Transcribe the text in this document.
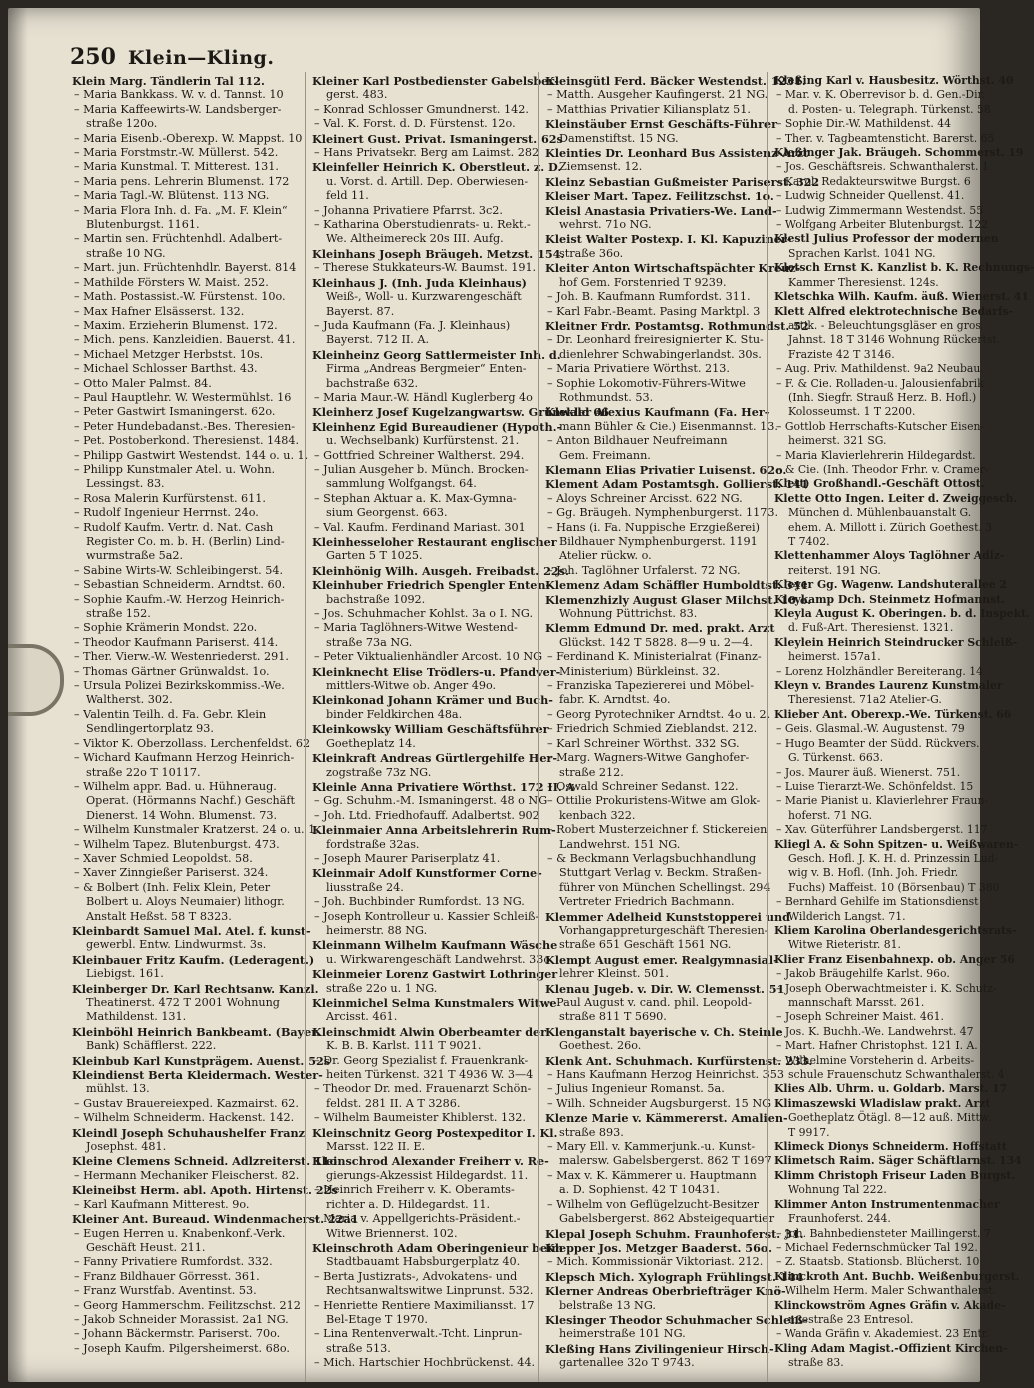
250 Klein—Kling.
Klein Marg. Tändlerin Tal 112.
– Maria Bankkass. W. v. d. Tannst. 10
– Maria Kaffeewirts-W. Landsberger-
straße 120o.
– Maria Eisenb.-Oberexp. W. Mappst. 10
– Maria Forstmstr.-W. Müllerst. 542.
– Maria Kunstmal. T. Mitterest. 131.
– Maria pens. Lehrerin Blumenst. 172
– Maria Tagl.-W. Blütenst. 113 NG.
– Maria Flora Inh. d. Fa. „M. F. Klein“
Blutenburgst. 1161.
– Martin sen. Früchtenhdl. Adalbert-
straße 10 NG.
– Mart. jun. Früchtenhdlr. Bayerst. 814
– Mathilde Försters W. Maist. 252.
– Math. Postassist.-W. Fürstenst. 10o.
– Max Hafner Elsässerst. 132.
– Maxim. Erzieherin Blumenst. 172.
– Mich. pens. Kanzleidien. Bauerst. 41.
– Michael Metzger Herbstst. 10s.
– Michael Schlosser Barthst. 43.
– Otto Maler Palmst. 84.
– Paul Hauptlehr. W. Westermühlst. 16
– Peter Gastwirt Ismaningerst. 62o.
– Peter Hundebadanst.-Bes. Theresien-
– Pet. Postoberkond. Theresienst. 1484.
– Philipp Gastwirt Westendst. 144 o. u. 1.
– Philipp Kunstmaler Atel. u. Wohn.
Lessingst. 83.
– Rosa Malerin Kurfürstenst. 611.
– Rudolf Ingenieur Herrnst. 24o.
– Rudolf Kaufm. Vertr. d. Nat. Cash
Register Co. m. b. H. (Berlin) Lind-
wurmstraße 5a2.
– Sabine Wirts-W. Schleibingerst. 54.
– Sebastian Schneiderm. Arndtst. 60.
– Sophie Kaufm.-W. Herzog Heinrich-
straße 152.
– Sophie Krämerin Mondst. 22o.
– Theodor Kaufmann Pariserst. 414.
– Ther. Vierw.-W. Westenriederst. 291.
– Thomas Gärtner Grünwaldst. 1o.
– Ursula Polizei Bezirkskommiss.-We.
Waltherst. 302.
– Valentin Teilh. d. Fa. Gebr. Klein
Sendlingertorplatz 93.
– Viktor K. Oberzollass. Lerchenfeldst. 62
– Wichard Kaufmann Herzog Heinrich-
straße 22o T 10117.
– Wilhelm appr. Bad. u. Hühneraug.
Operat. (Hörmanns Nachf.) Geschäft
Dienerst. 14 Wohn. Blumenst. 73.
– Wilhelm Kunstmaler Kratzerst. 24 o. u. 1.
– Wilhelm Tapez. Blutenburgst. 473.
– Xaver Schmied Leopoldst. 58.
– Xaver Zinngießer Pariserst. 324.
– & Bolbert (Inh. Felix Klein, Peter
Bolbert u. Aloys Neumaier) lithogr.
Anstalt Heßst. 58 T 8323.
Kleinbardt Samuel Mal. Atel. f. kunst-
gewerbl. Entw. Lindwurmst. 3s.
Kleinbauer Fritz Kaufm. (Lederagent.)
Liebigst. 161.
Kleinberger Dr. Karl Rechtsanw. Kanzl.
Theatinerst. 472 T 2001 Wohnung
Mathildenst. 131.
Kleinböhl Heinrich Bankbeamt. (Bayer.
Bank) Schäfflerst. 222.
Kleinbub Karl Kunstprägem. Auenst. 52s
Kleindienst Berta Kleidermach. Wester-
mühlst. 13.
– Gustav Brauereiexped. Kazmairst. 62.
– Wilhelm Schneiderm. Hackenst. 142.
Kleindl Joseph Schuhaushelfer Franz
Josephst. 481.
Kleine Clemens Schneid. Adlzreiterst. 11o
– Hermann Mechaniker Fleischerst. 82.
Kleineibst Herm. abl. Apoth. Hirtenst. 22s
– Karl Kaufmann Mitterest. 9o.
Kleiner Ant. Bureaud. Windenmacherst. 22a1
– Eugen Herren u. Knabenkonf.-Verk.
Geschäft Heust. 211.
– Fanny Privatiere Rumfordst. 332.
– Franz Bildhauer Görresst. 361.
– Franz Wurstfab. Aventinst. 53.
– Georg Hammerschm. Feilitzschst. 212
– Jakob Schneider Morassist. 2a1 NG.
– Johann Bäckermstr. Pariserst. 70o.
– Joseph Kaufm. Pilgersheimerst. 68o.
Kleiner Karl Postbedienster Gabelsber-
gerst. 483.
– Konrad Schlosser Gmundnerst. 142.
– Val. K. Forst. d. D. Fürstenst. 12o.
Kleinert Gust. Privat. Ismaningerst. 62s
– Hans Privatsekr. Berg am Laimst. 282
Kleinfeller Heinrich K. Oberstleut. z. D.
u. Vorst. d. Artill. Dep. Oberwiesen-
feld 11.
– Johanna Privatiere Pfarrst. 3c2.
– Katharina Oberstudienrats- u. Rekt.-
We. Altheimereck 20s III. Aufg.
Kleinhans Joseph Bräugeh. Metzst. 154.
– Therese Stukkateurs-W. Baumst. 191.
Kleinhaus J. (Inh. Juda Kleinhaus)
Weiß-, Woll- u. Kurzwarengeschäft
Bayerst. 87.
– Juda Kaufmann (Fa. J. Kleinhaus)
Bayerst. 712 II. A.
Kleinheinz Georg Sattlermeister Inh. d.
Firma „Andreas Bergmeier“ Enten-
bachstraße 632.
– Maria Maur.-W. Händl Kuglerberg 4o
Kleinherz Josef Kugelzangwartsw. Grünwald 66
Kleinhenz Egid Bureaudiener (Hypoth.-
u. Wechselbank) Kurfürstenst. 21.
– Gottfried Schreiner Waltherst. 294.
– Julian Ausgeher b. Münch. Brocken-
sammlung Wolfgangst. 64.
– Stephan Aktuar a. K. Max-Gymna-
sium Georgenst. 663.
– Val. Kaufm. Ferdinand Mariast. 301
Kleinhesseloher Restaurant englischer
Garten 5 T 1025.
Kleinhönig Wilh. Ausgeh. Freibadst. 22s.
Kleinhuber Friedrich Spengler Enten-
bachstraße 1092.
– Jos. Schuhmacher Kohlst. 3a o I. NG.
– Maria Taglöhners-Witwe Westend-
straße 73a NG.
– Peter Viktualienhändler Arcost. 10 NG
Kleinknecht Elise Trödlers-u. Pfandver-
mittlers-Witwe ob. Anger 49o.
Kleinkonad Johann Krämer und Buch-
binder Feldkirchen 48a.
Kleinkowsky William Geschäftsführer
Goetheplatz 14.
Kleinkraft Andreas Gürtlergehilfe Her-
zogstraße 73z NG.
Kleinle Anna Privatiere Wörthst. 172 II. A
– Gg. Schuhm.-M. Ismaningerst. 48 o NG
– Joh. Ltd. Friedhofauff. Adalbertst. 902
Kleinmaier Anna Arbeitslehrerin Rum-
fordstraße 32as.
– Joseph Maurer Pariserplatz 41.
Kleinmair Adolf Kunstformer Corne-
liusstraße 24.
– Joh. Buchbinder Rumfordst. 13 NG.
– Joseph Kontrolleur u. Kassier Schleiß-
heimerstr. 88 NG.
Kleinmann Wilhelm Kaufmann Wäsche
u. Wirkwarengeschäft Landwehrst. 33o
Kleinmeier Lorenz Gastwirt Lothringer
straße 22o u. 1 NG.
Kleinmichel Selma Kunstmalers Witwe
Arcisst. 461.
Kleinschmidt Alwin Oberbeamter der
K. B. B. Karlst. 111 T 9021.
– Dr. Georg Spezialist f. Frauenkrank-
heiten Türkenst. 321 T 4936 W. 3—4
– Theodor Dr. med. Frauenarzt Schön-
feldst. 281 II. A T 3286.
– Wilhelm Baumeister Khiblerst. 132.
Kleinschnitz Georg Postexpeditor I. Kl.
Marsst. 122 II. E.
Kleinschrod Alexander Freiherr v. Re-
gierungs-Akzessist Hildegardst. 11.
– Heinrich Freiherr v. K. Oberamts-
richter a. D. Hildegardst. 11.
– Maria v. Appellgerichts-Präsident.-
Witwe Briennerst. 102.
Kleinschroth Adam Oberingenieur beim
Stadtbauamt Habsburgerplatz 40.
– Berta Justizrats-, Advokatens- und
Rechtsanwaltswitwe Linprunst. 532.
– Henriette Rentiere Maximiliansst. 17
Bel-Etage T 1970.
– Lina Rentenverwalt.-Tcht. Linprun-
straße 513.
– Mich. Hartschier Hochbrückenst. 44.
Kleinsgütl Ferd. Bäcker Westendst. 1231.
– Matth. Ausgeher Kaufingerst. 21 NG.
– Matthias Privatier Kiliansplatz 51.
Kleinstäuber Ernst Geschäfts-Führer
Damenstiftst. 15 NG.
Kleinties Dr. Leonhard Bus Assistenz-Arzt
Ziemsenst. 12.
Kleinz Sebastian Gußmeister Pariserst. 322
Kleiser Mart. Tapez. Feilitzschst. 1o.
Kleisl Anastasia Privatiers-We. Land-
wehrst. 71o NG.
Kleist Walter Postexp. I. Kl. Kapuziner-
straße 36o.
Kleiter Anton Wirtschaftspächter Kreuz-
hof Gem. Forstenried T 9239.
– Joh. B. Kaufmann Rumfordst. 311.
– Karl Fabr.-Beamt. Pasing Marktpl. 3
Kleitner Frdr. Postamtsg. Rothmundst. 52
– Dr. Leonhard freiresignierter K. Stu-
dienlehrer Schwabingerlandst. 30s.
– Maria Privatiere Wörthst. 213.
– Sophie Lokomotiv-Führers-Witwe
Rothmundst. 53.
Klekler Alexius Kaufmann (Fa. Her-
mann Bühler & Cie.) Eisenmannst. 13.
– Anton Bildhauer Neufreimann
Gem. Freimann.
Klemann Elias Privatier Luisenst. 62o.
Klement Adam Postamtsgh. Gollierst. 141
– Aloys Schreiner Arcisst. 622 NG.
– Gg. Bräugeh. Nymphenburgerst. 1173.
– Hans (i. Fa. Nuppische Erzgießerei)
Bildhauer Nymphenburgerst. 1191
Atelier rückw. o.
– Joh. Taglöhner Urfalerst. 72 NG.
Klemenz Adam Schäffler Humboldtst. 341
Klemenzhizly August Glaser Milchst. 10 o.
Wohnung Püttrichst. 83.
Klemm Edmund Dr. med. prakt. Arzt
Glückst. 142 T 5828. 8—9 u. 2—4.
– Ferdinand K. Ministerialrat (Finanz-
Ministerium) Bürkleinst. 32.
– Franziska Tapeziererei und Möbel-
fabr. K. Arndtst. 4o.
– Georg Pyrotechniker Arndtst. 4o u. 2.
– Friedrich Schmied Zieblandst. 212.
– Karl Schreiner Wörthst. 332 SG.
– Marg. Wagners-Witwe Ganghofer-
straße 212.
– Oswald Schreiner Sedanst. 122.
– Ottilie Prokuristens-Witwe am Glok-
kenbach 322.
– Robert Musterzeichner f. Stickereien
Landwehrst. 151 NG.
– & Beckmann Verlagsbuchhandlung
Stuttgart Verlag v. Beckm. Straßen-
führer von München Schellingst. 294
Vertreter Friedrich Bachmann.
Klemmer Adelheid Kunststopperei und
Vorhangappreturgeschäft Theresien-
straße 651 Geschäft 1561 NG.
Klempt August emer. Realgymnasial-
lehrer Kleinst. 501.
Klenau Jugeb. v. Dir. W. Clemensst. 51
– Paul August v. cand. phil. Leopold-
straße 811 T 5690.
Klenganstalt bayerische v. Ch. Steinle
Goethest. 26o.
Klenk Ant. Schuhmach. Kurfürstenst. 233.
– Hans Kaufmann Herzog Heinrichst. 353
– Julius Ingenieur Romanst. 5a.
– Wilh. Schneider Augsburgerst. 15 NG
Klenze Marie v. Kämmererst. Amalien-
straße 893.
– Mary Ell. v. Kammerjunk.-u. Kunst-
malersw. Gabelsbergerst. 862 T 1697
– Max v. K. Kämmerer u. Hauptmann
a. D. Sophienst. 42 T 10431.
– Wilhelm von Geflügelzucht-Besitzer
Gabelsbergerst. 862 Absteigequartier
Klepal Joseph Schuhm. Fraunhoferst. 31.
Klepper Jos. Metzger Baaderst. 56o.
– Mich. Kommissionär Viktoriast. 212.
Klepsch Mich. Xylograph Frühlingst. 144
Klerner Andreas Oberbriefträger Knö-
belstraße 13 NG.
Klesinger Theodor Schuhmacher Schleiß-
heimerstraße 101 NG.
Kleßing Hans Zivilingenieur Hirsch-
gartenallee 32o T 9743.
Kleßing Karl v. Hausbesitz. Wörthst. 40
– Mar. v. K. Oberrevisor b. d. Gen.-Dir.
d. Posten- u. Telegraph. Türkenst. 58
– Sophie Dir.-W. Mathildenst. 44
– Ther. v. Tagbeamtensticht. Barerst. 65
Kleßinger Jak. Bräugeh. Schommerst. 19
– Jos. Geschäftsreis. Schwanthalerst. 1
– Karol. Redakteurswitwe Burgst. 6
– Ludwig Schneider Quellenst. 41.
– Ludwig Zimmermann Westendst. 55
– Wolfgang Arbeiter Blutenburgst. 122
Klestl Julius Professor der modernen
Sprachen Karlst. 1041 NG.
Kletsch Ernst K. Kanzlist b. K. Rechnungs-
Kammer Theresienst. 124s.
Kletschka Wilh. Kaufm. äuß. Wienerst. 41
Klett Alfred elektrotechnische Bedarfs-
artik. - Beleuchtungsgläser en gros
Jahnst. 18 T 3146 Wohnung Rückertst.
Fraziste 42 T 3146.
– Aug. Priv. Mathildenst. 9a2 Neubau
– F. & Cie. Rolladen-u. Jalousienfabrik
(Inh. Siegfr. Strauß Herz. B. Hofl.)
Kolosseumst. 1 T 2200.
– Gottlob Herrschafts-Kutscher Eisen-
heimerst. 321 SG.
– Maria Klavierlehrerin Hildegardst.
– & Cie. (Inh. Theodor Frhr. v. Cramer-
Klett) Großhandl.-Geschäft Ottost.
Klette Otto Ingen. Leiter d. Zweiggesch.
München d. Mühlenbauanstalt G.
ehem. A. Millott i. Zürich Goethest. 3
T 7402.
Klettenhammer Aloys Taglöhner Adlz-
reiterst. 191 NG.
Kleyer Gg. Wagenw. Landshuterallee 2
Kleykamp Dch. Steinmetz Hofmannst.
Kleyla August K. Oberingen. b. d. Inspekt.
d. Fuß-Art. Theresienst. 1321.
Kleylein Heinrich Steindrucker Schleiß-
heimerst. 157a1.
– Lorenz Holzhändler Bereiterang. 14
Kleyn v. Brandes Laurenz Kunstmaler
Theresienst. 71a2 Atelier-G.
Klieber Ant. Oberexp.-We. Türkenst. 66
– Geis. Glasmal.-W. Augustenst. 79
– Hugo Beamter der Südd. Rückvers.
G. Türkenst. 663.
– Jos. Maurer äuß. Wienerst. 751.
– Luise Tierarzt-We. Schönfeldst. 15
– Marie Pianist u. Klavierlehrer Fraun-
hoferst. 71 NG.
– Xav. Güterführer Landsbergerst. 117
Kliegl A. & Sohn Spitzen- u. Weißwaren-
Gesch. Hofl. J. K. H. d. Prinzessin Lud-
wig v. B. Hofl. (Inh. Joh. Friedr.
Fuchs) Maffeist. 10 (Börsenbau) T 380
– Bernhard Gehilfe im Stationsdienst
Wilderich Langst. 71.
Kliem Karolina Oberlandesgerichtsrats-
Witwe Rieteristr. 81.
Klier Franz Eisenbahnexp. ob. Anger 56
– Jakob Bräugehilfe Karlst. 96o.
– Joseph Oberwachtmeister i. K. Schutz-
mannschaft Marsst. 261.
– Joseph Schreiner Maist. 461.
– Jos. K. Buchh.-We. Landwehrst. 47
– Mart. Hafner Christophst. 121 I. A.
– Wilhelmine Vorsteherin d. Arbeits-
schule Frauenschutz Schwanthalerst. 4
Klies Alb. Uhrm. u. Goldarb. Marst. 17
Klimaszewski Wladislaw prakt. Arzt
Goetheplatz Ötägl. 8—12 auß. Mittw.
T 9917.
Klimeck Dionys Schneiderm. Hoffstatt
Klimetsch Raim. Säger Schäftlarnst. 134
Klimm Christoph Friseur Laden Burgst.
Wohnung Tal 222.
Klimmer Anton Instrumentenmacher
Fraunhoferst. 244.
– Joh. Bahnbediensteter Maillingerst. 7
– Michael Federnschmücker Tal 192.
– Z. Staatsb. Stationsb. Blücherst. 10
Klinckroth Ant. Buchb. Weißenburgerst.
– Wilhelm Herm. Maler Schwanthalerst.
Klinckowström Agnes Gräfin v. Akade-
miestraße 23 Entresol.
– Wanda Gräfin v. Akademiest. 23 Entr.
Kling Adam Magist.-Offizient Kirchen-
straße 83.
